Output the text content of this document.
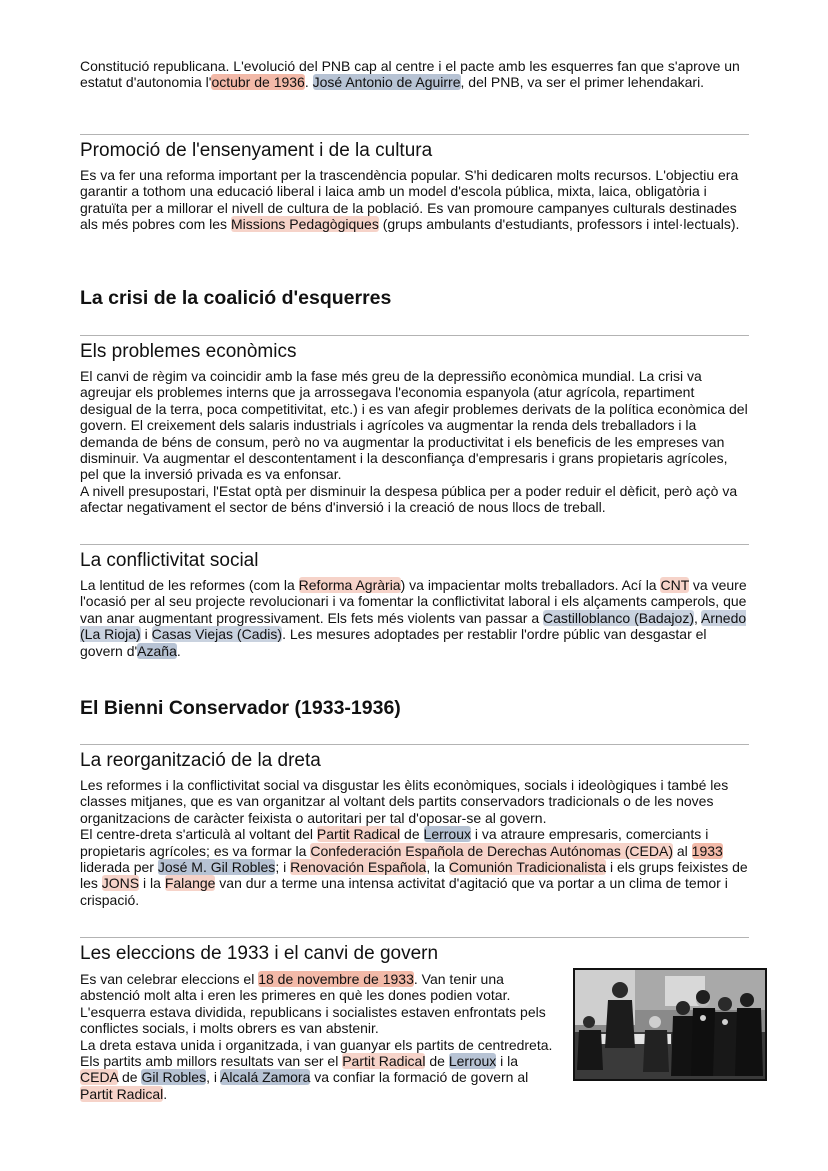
Constitució republicana. L'evolució del PNB cap al centre i el pacte amb les esquerres fan que s'aprove un estatut d'autonomia l'octubr de 1936. José Antonio de Aguirre, del PNB, va ser el primer lehendakari.

Promoció de l'ensenyament i de la cultura

Es va fer una reforma important per la trascendència popular. S'hi dedicaren molts recursos. L'objectiu era garantir a tothom una educació liberal i laica amb un model d'escola pública, mixta, laica, obligatòria i gratuïta per a millorar el nivell de cultura de la població. Es van promoure campanyes culturals destinades als més pobres com les Missions Pedagògiques (grups ambulants d'estudiants, professors i intel·lectuals).

La crisi de la coalició d'esquerres
Els problemes econòmics

El canvi de règim va coincidir amb la fase més greu de la depressiño econòmica mundial. La crisi va agreujar els problemes interns que ja arrossegava l'economia espanyola (atur agrícola, repartiment desigual de la terra, poca competitivitat, etc.) i es van afegir problemes derivats de la política econòmica del govern. El creixement dels salaris industrials i agrícoles va augmentar la renda dels treballadors i la demanda de béns de consum, però no va augmentar la productivitat i els beneficis de les empreses van disminuir. Va augmentar el descontentament i la desconfiança d'empresaris i grans propietaris agrícoles, pel que la inversió privada es va enfonsar.

A nivell presupostari, l'Estat optà per disminuir la despesa pública per a poder reduir el dèficit, però açò va afectar negativament el sector de béns d'inversió i la creació de nous llocs de treball.

La conflictivitat social

La lentitud de les reformes (com la Reforma Agrària) va impacientar molts treballadors. Ací la CNT va veure l'ocasió per al seu projecte revolucionari i va fomentar la conflictivitat laboral i els alçaments camperols, que van anar augmentant progressivament. Els fets més violents van passar a Castilloblanco (Badajoz), Arnedo (La Rioja) i Casas Viejas (Cadis). Les mesures adoptades per restablir l'ordre públic van desgastar el govern d'Azaña.

El Bienni Conservador (1933-1936)
La reorganització de la dreta

Les reformes i la conflictivitat social va disgustar les èlits econòmiques, socials i ideològiques i també les classes mitjanes, que es van organitzar al voltant dels partits conservadors tradicionals o de les noves organitzacions de caràcter feixista o autoritari per tal d'oposar-se al govern.

El centre-dreta s'articulà al voltant del Partit Radical de Lerroux i va atraure empresaris, comerciants i propietaris agrícoles; es va formar la Confederación Española de Derechas Autónomas (CEDA) al 1933 liderada per José M. Gil Robles; i Renovación Española, la Comunión Tradicionalista i els grups feixistes de les JONS i la Falange van dur a terme una intensa activitat d'agitació que va portar a un clima de temor i crispació.

Les eleccions de 1933 i el canvi de govern

Es van celebrar eleccions el 18 de novembre de 1933. Van tenir una abstenció molt alta i eren les primeres en què les dones podien votar. L'esquerra estava dividida, republicans i socialistes estaven enfrontats pels conflictes socials, i molts obrers es van abstenir.

La dreta estava unida i organitzada, i van guanyar els partits de centredreta. Els partits amb millors resultats van ser el Partit Radical de Lerroux i la CEDA de Gil Robles, i Alcalá Zamora va confiar la formació de govern al Partit Radical.
